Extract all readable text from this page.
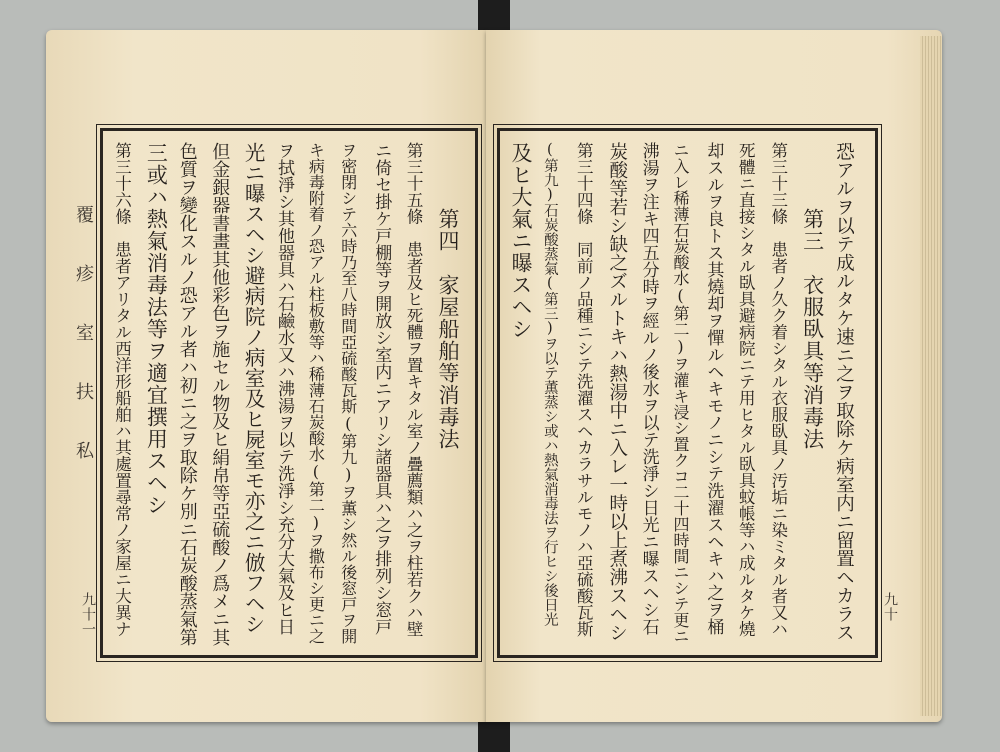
覆 疹 室 扶 私
九十一	九十
第三十六條　患者アリタル西洋形船舶ハ其處置尋常ノ家屋ニ大異ナ 三或ハ熱氣消毒法等ヲ適宜撰用スヘシ 色質ヲ變化スルノ恐アル者ハ初ニ之ヲ取除ケ別ニ石炭酸蒸氣第 但金銀器書畫其他彩色ヲ施セル物及ヒ絹帛等亞硫酸ノ爲メニ其 光ニ曝スヘシ避病院ノ病室及ヒ屍室モ亦之ニ倣フヘシ ヲ拭淨シ其他器具ハ石鹼水又ハ沸湯ヲ以テ洗淨シ充分大氣及ヒ日 キ病毒附着ノ恐アル柱板敷等ハ稀薄石炭酸水(第二)ヲ撒布シ更ニ之 ヲ密閉シテ六時乃至八時間亞硫酸瓦斯(第九)ヲ薫シ然ル後窓戸ヲ開 ニ倚セ掛ケ戸棚等ヲ開放シ室内ニアリシ諸器具ハ之ヲ排列シ窓戸 第三十五條　患者及ヒ死體ヲ置キタル室ノ疊薦類ハ之ヲ柱若クハ壁 　　　第四　家屋船舶等消毒法 及ヒ大氣ニ曝スヘシ (第九)石炭酸蒸氣(第三)ヲ以テ薫蒸シ或ハ熱氣消毒法ヲ行ヒシ後日光 第三十四條　同前ノ品種ニシテ洗濯スヘカラサルモノハ亞硫酸瓦斯 炭酸等若シ缺之ズルトキハ熱湯中ニ入レ一時以上煮沸スヘシ 沸湯ヲ注キ四五分時ヲ經ルノ後水ヲ以テ洗淨シ日光ニ曝スヘシ石 ニ入レ稀薄石炭酸水(第二)ヲ灌キ浸シ置クコ二十四時間ニシテ更ニ 却スルヲ良トス其燒却ヲ憚ルヘキモノニシテ洗濯スヘキハ之ヲ桶 死體ニ直接シタル臥具避病院ニテ用ヒタル臥具蚊帳等ハ成ルタケ燒 第三十三條　患者ノ久ク着シタル衣服臥具ノ汚垢ニ染ミタル者又ハ 　　　第三　衣服臥具等消毒法 恐アルヲ以テ成ルタケ速ニ之ヲ取除ケ病室内ニ留置ヘカラス
